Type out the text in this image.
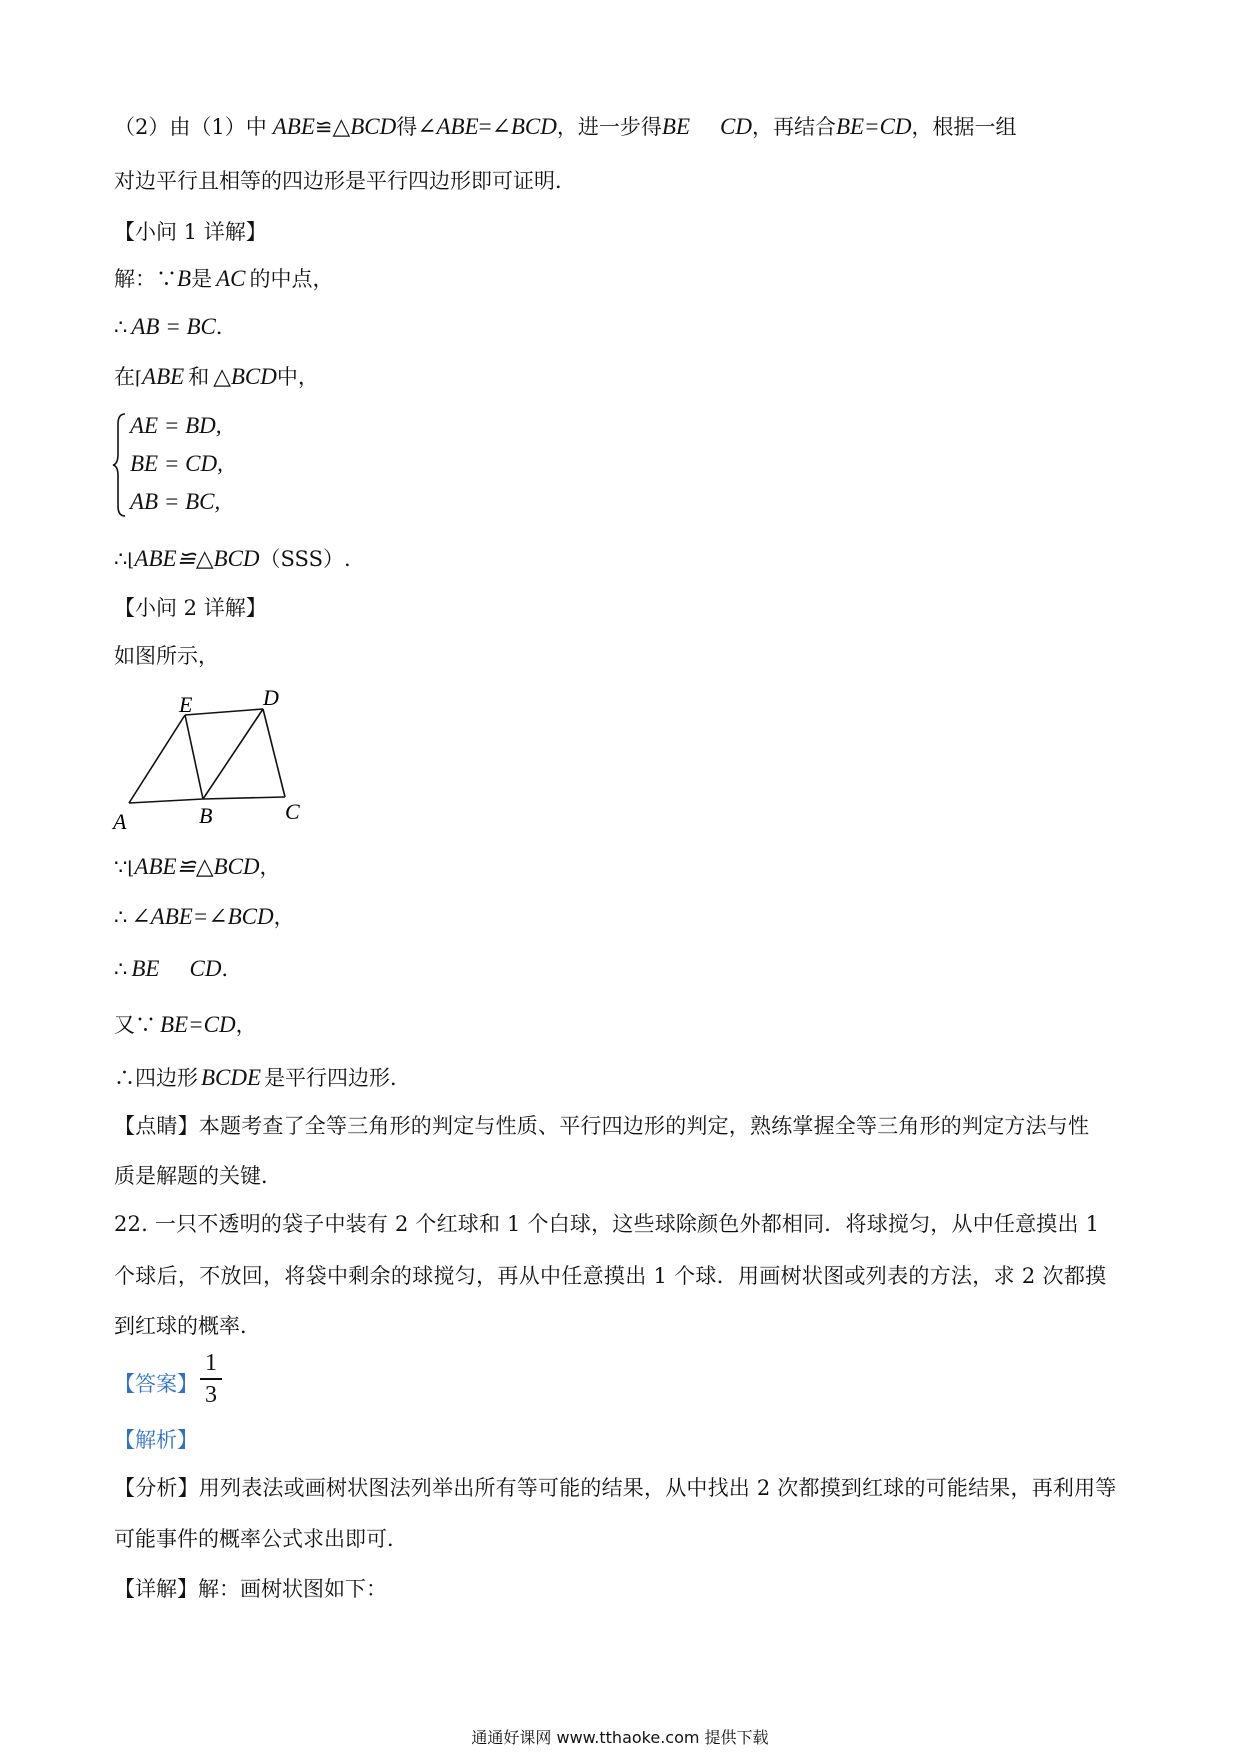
（2）由（1）中 ABE≌△BCD得∠ABE=∠BCD，进一步得BE CD，再结合BE=CD，根据一组
对边平行且相等的四边形是平行四边形即可证明．
【小问 1 详解】
解：∵B是 AC 的中点，
∴ AB = BC．
在⌈ABE 和 △BCD中，
AE = BD,
BE = CD,
AB = BC,
∴⌊ABE≌△BCD（SSS）.
【小问 2 详解】
如图所示，
E	D
A	B	C
∵⌊ABE≌△BCD，
∴ ∠ABE=∠BCD，
∴ BE CD．
又∵ BE=CD，
∴四边形 BCDE 是平行四边形．
【点睛】本题考查了全等三角形的判定与性质、平行四边形的判定，熟练掌握全等三角形的判定方法与性
质是解题的关键．
22. 一只不透明的袋子中装有 2 个红球和 1 个白球，这些球除颜色外都相同．将球搅匀，从中任意摸出 1
个球后，不放回，将袋中剩余的球搅匀，再从中任意摸出 1 个球．用画树状图或列表的方法，求 2 次都摸
到红球的概率．
【答案】
1
3
【解析】
【分析】用列表法或画树状图法列举出所有等可能的结果，从中找出 2 次都摸到红球的可能结果，再利用等
可能事件的概率公式求出即可．
【详解】解：画树状图如下：
通通好课网 www.tthaoke.com 提供下载
